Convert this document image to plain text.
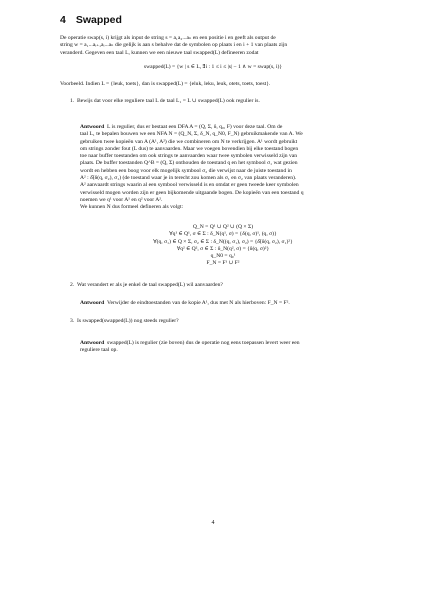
4 Swapped
De operatie swap(s, i) krijgt als input de string s = a₁a₂...aₙ en een positie i en geeft als output de
string w = a₁...aᵢ₊₁aᵢ...aₙ die gelijk is aan s behalve dat de symbolen op plaats i en i + 1 van plaats zijn
veranderd. Gegeven een taal L, kunnen we een nieuwe taal swapped(L) defineeren zodat
swapped(L) = {w | s ∈ L, ∃i : 1 ≤ i ≤ |s| − 1 ∧ w = swap(s, i)}
Voorbeeld. Indien L = {leuk, toets}, dan is swapped(L) = {elu​k, leku, leuk, otets, toets, toest}.
1. Bewijs dat voor elke reguliere taal L de taal L₁ = L ∪ swapped(L) ook regulier is.
Antwoord L is regulier, dus er bestaat een DFA A = (Q, Σ, δ, q₀, F) voor deze taal. Om de
taal L₁ te bepalen bouwen we een NFA N = (Q_N, Σ, δ_N, q_N0, F_N) gebruikmakende van A. We
gebruiken twee kopieën van A (A¹, A²) die we combineren om N te verkrijgen. A¹ wordt gebruikt
om strings zonder fout (L dus) te aanvaarden. Maar we voegen bovendien bij elke toestand bogen
toe naar buffer toestanden om ook strings te aanvaarden waar twee symbolen verwisseld zijn van
plaats. De buffer toestanden Q^B = (Q, Σ) onthouden de toestand q en het symbool σ₁ wat gezien
wordt en hebben een boog voor elk mogelijk symbool σ₂ die verwijst naar de juiste toestand in
A² : δ̂(δ(q, σ₂), σ₁) (de toestand waar je in terecht zou komen als σ₁ en σ₂ van plaats veranderen).
A² aanvaardt strings waarin al een symbool verwisseld is en omdat er geen tweede keer symbolen
verwisseld mogen worden zijn er geen bijkomende uitgaande bogen. De kopieën van een toestand q
noemen we q¹ voor A¹ en q² voor A².
We kunnen N dus formeel defineren als volgt:
Q_N = Q¹ ∪ Q² ∪ (Q × Σ)
∀q¹ ∈ Q¹, σ ∈ Σ : δ_N(q¹, σ) = {δ(q, σ)¹, (q, σ)}
∀(q, σ₁) ∈ Q × Σ, σ₂ ∈ Σ : δ_N((q, σ₁), σ₂) = {δ̂(δ(q, σ₂), σ₁)²}
∀q² ∈ Q², σ ∈ Σ : δ_N(q², σ) = {δ(q, σ)²}
q_N0 = q₀¹
F_N = F¹ ∪ F²
2. Wat verandert er als je enkel de taal swapped(L) wil aanvaarden?
Antwoord Verwijder de eindtoestanden van de kopie A¹, dus met N als hierboven: F_N = F².
3. Is swapped(swapped(L)) nog steeds regulier?
Antwoord swapped(L) is regulier (zie boven) dus de operatie nog eens toepassen levert weer een
reguliere taal op.
4
